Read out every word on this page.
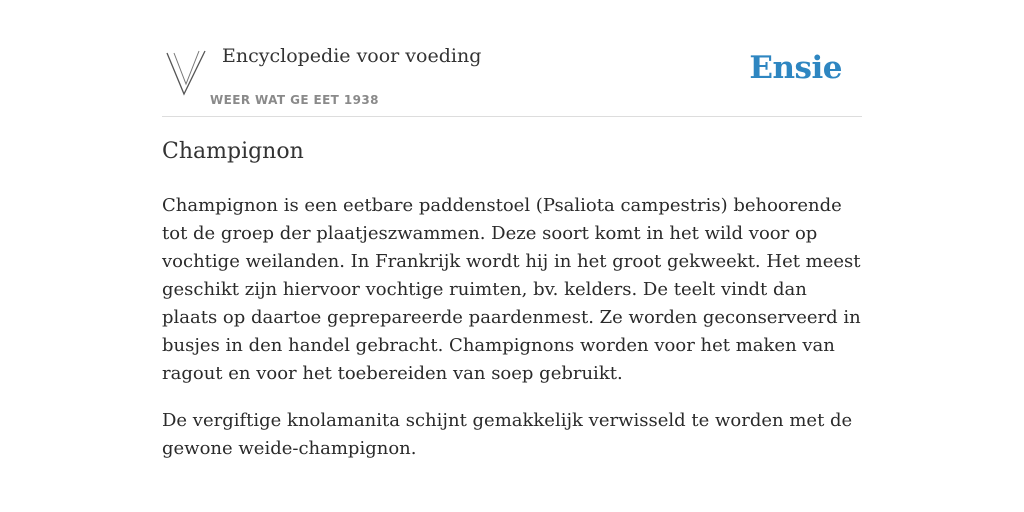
Encyclopedie voor voeding
WEER WAT GE EET 1938
Ensie
Champignon

Champignon is een eetbare paddenstoel (Psaliota campestris) behoorende tot de groep der plaatjeszwammen. Deze soort komt in het wild voor op vochtige weilanden. In Frankrijk wordt hij in het groot gekweekt. Het meest geschikt zijn hiervoor vochtige ruimten, bv. kelders. De teelt vindt dan plaats op daartoe geprepareerde paardenmest. Ze worden geconserveerd in busjes in den handel gebracht. Champignons worden voor het maken van ragout en voor het toebereiden van soep gebruikt.

De vergiftige knolamanita schijnt gemakkelijk verwisseld te worden met de gewone weide-champignon.
